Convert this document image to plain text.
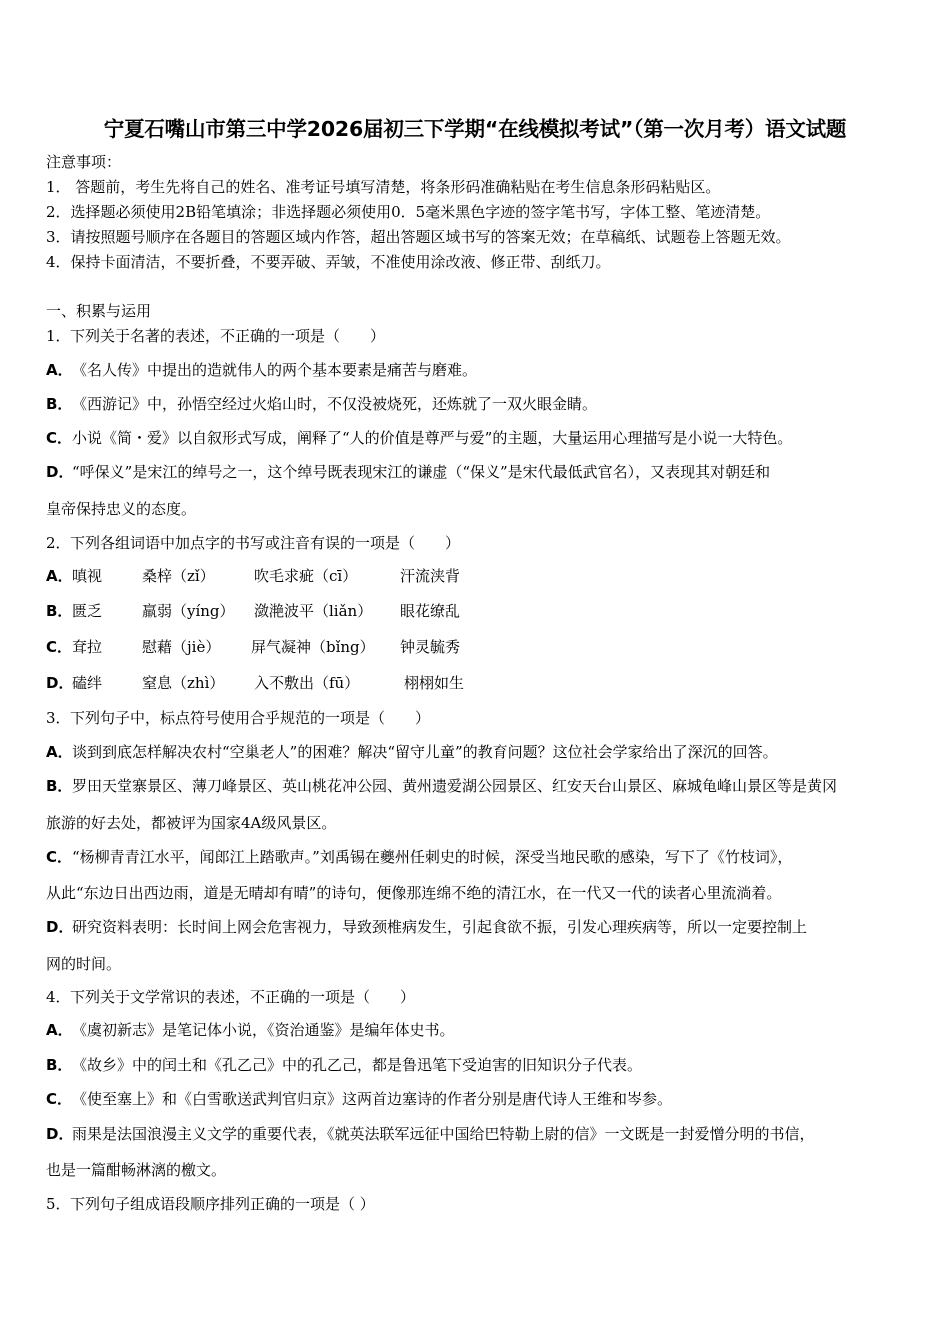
宁夏石嘴山市第三中学2026届初三下学期“在线模拟考试”（第一次月考）语文试题
注意事项：
1． 答题前，考生先将自己的姓名、准考证号填写清楚，将条形码准确粘贴在考生信息条形码粘贴区。
2．选择题必须使用2B铅笔填涂；非选择题必须使用0．5毫米黑色字迹的签字笔书写，字体工整、笔迹清楚。
3．请按照题号顺序在各题目的答题区域内作答，超出答题区域书写的答案无效；在草稿纸、试题卷上答题无效。
4．保持卡面清洁，不要折叠，不要弄破、弄皱，不准使用涂改液、修正带、刮纸刀。
一、积累与运用
1．下列关于名著的表述，不正确的一项是（　　）
A．《名人传》中提出的造就伟人的两个基本要素是痛苦与磨难。
B．《西游记》中，孙悟空经过火焰山时，不仅没被烧死，还炼就了一双火眼金睛。
C．小说《简・爱》以自叙形式写成，阐释了“人的价值是尊严与爱”的主题，大量运用心理描写是小说一大特色。
D．“呼保义”是宋江的绰号之一，这个绰号既表现宋江的谦虚（“保义”是宋代最低武官名），又表现其对朝廷和
皇帝保持忠义的态度。
2．下列各组词语中加点字的书写或注音有误的一项是（　　）
A．嗔视	桑梓（zǐ）	吹毛求疵（cī）	汗流浃背
B．匮乏	羸弱（yíng） 潋滟波平（liǎn） 眼花缭乱
C．耷拉	慰藉（jiè） 屏气凝神（bǐng） 钟灵毓秀
D．磕绊	窒息（zhì） 入不敷出（fū）	栩栩如生
3．下列句子中，标点符号使用合乎规范的一项是（　　）
A．谈到到底怎样解决农村“空巢老人”的困难？解决“留守儿童”的教育问题？这位社会学家给出了深沉的回答。
B．罗田天堂寨景区、薄刀峰景区、英山桃花冲公园、黄州遗爱湖公园景区、红安天台山景区、麻城龟峰山景区等是黄冈
旅游的好去处，都被评为国家4A级风景区。
C．“杨柳青青江水平，闻郎江上踏歌声。”刘禹锡在夔州任刺史的时候，深受当地民歌的感染，写下了《竹枝词》，
从此“东边日出西边雨，道是无晴却有晴”的诗句，便像那连绵不绝的清江水，在一代又一代的读者心里流淌着。
D．研究资料表明：长时间上网会危害视力，导致颈椎病发生，引起食欲不振，引发心理疾病等，所以一定要控制上
网的时间。
4．下列关于文学常识的表述，不正确的一项是（　　）
A．《虞初新志》是笔记体小说，《资治通鉴》是编年体史书。
B．《故乡》中的闰土和《孔乙己》中的孔乙己，都是鲁迅笔下受迫害的旧知识分子代表。
C．《使至塞上》和《白雪歌送武判官归京》这两首边塞诗的作者分别是唐代诗人王维和岑参。
D．雨果是法国浪漫主义文学的重要代表，《就英法联军远征中国给巴特勒上尉的信》一文既是一封爱憎分明的书信，
也是一篇酣畅淋漓的檄文。
5．下列句子组成语段顺序排列正确的一项是（ ）
